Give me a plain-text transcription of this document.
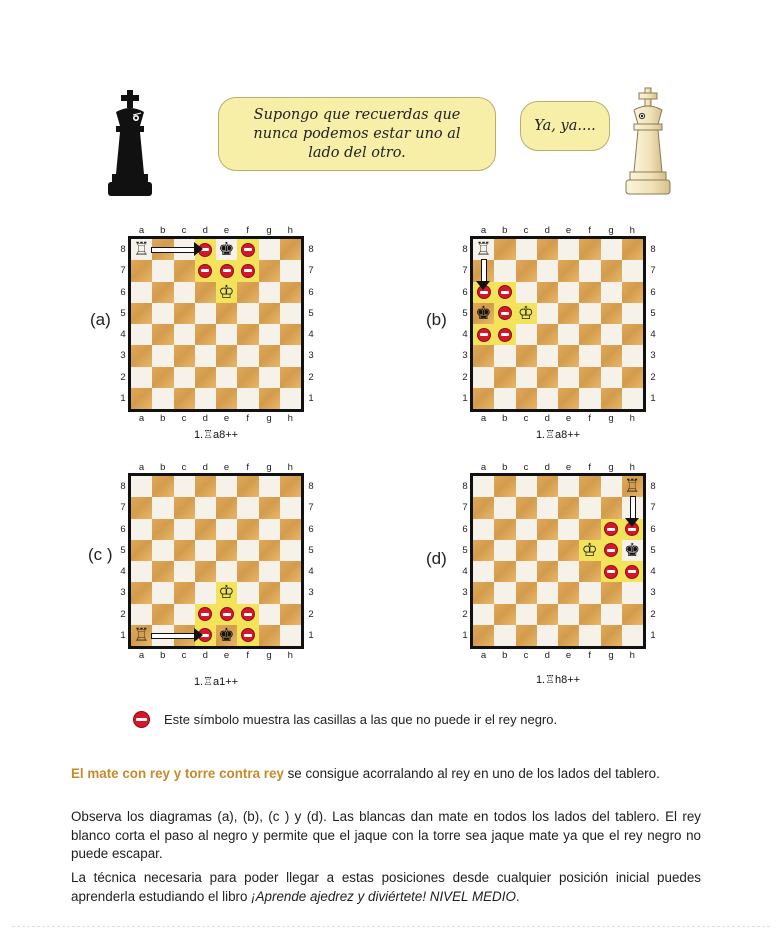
Supongo que recuerdas que
nunca podemos estar uno al
lado del otro.
Ya, ya....
(a)
♖	♚
♔
1.♖a8++
a
a
b
b
c
c
d
d
e
e
f
f
g
g
h
h
8	8
7	7
6	6
5	5
4	4
3	3
2	2
1	1
(b)
♖
♚ ♔
1.♖a8++
a
a
b
b
c
c
d
d
e
e
f
f
g
g
h
h
8	8
7	7
6	6
5	5
4	4
3	3
2	2
1	1
(c )
♖	♚
♔
1.♖a1++
a
a
b
b
c
c
d
d
e
e
f
f
g
g
h
h
8	8
7	7
6	6
5	5
4	4
3	3
2	2
1	1
(d)
♖
♚
♔
1.♖h8++
a
a
b
b
c
c
d
d
e
e
f
f
g
g
h
h
8	8
7	7
6	6
5	5
4	4
3	3
2	2
1	1
Este símbolo muestra las casillas a las que no puede ir el rey negro.
El mate con rey y torre contra rey se consigue acorralando al rey en uno de los lados del tablero.
Observa los diagramas (a), (b), (c ) y (d). Las blancas dan mate en todos los lados del tablero. El rey blanco corta el paso al negro y permite que el jaque con la torre sea jaque mate ya que el rey negro no puede escapar.
La técnica necesaria para poder llegar a estas posiciones desde cualquier posición inicial puedes aprenderla estudiando el libro ¡Aprende ajedrez y diviértete! NIVEL MEDIO.
